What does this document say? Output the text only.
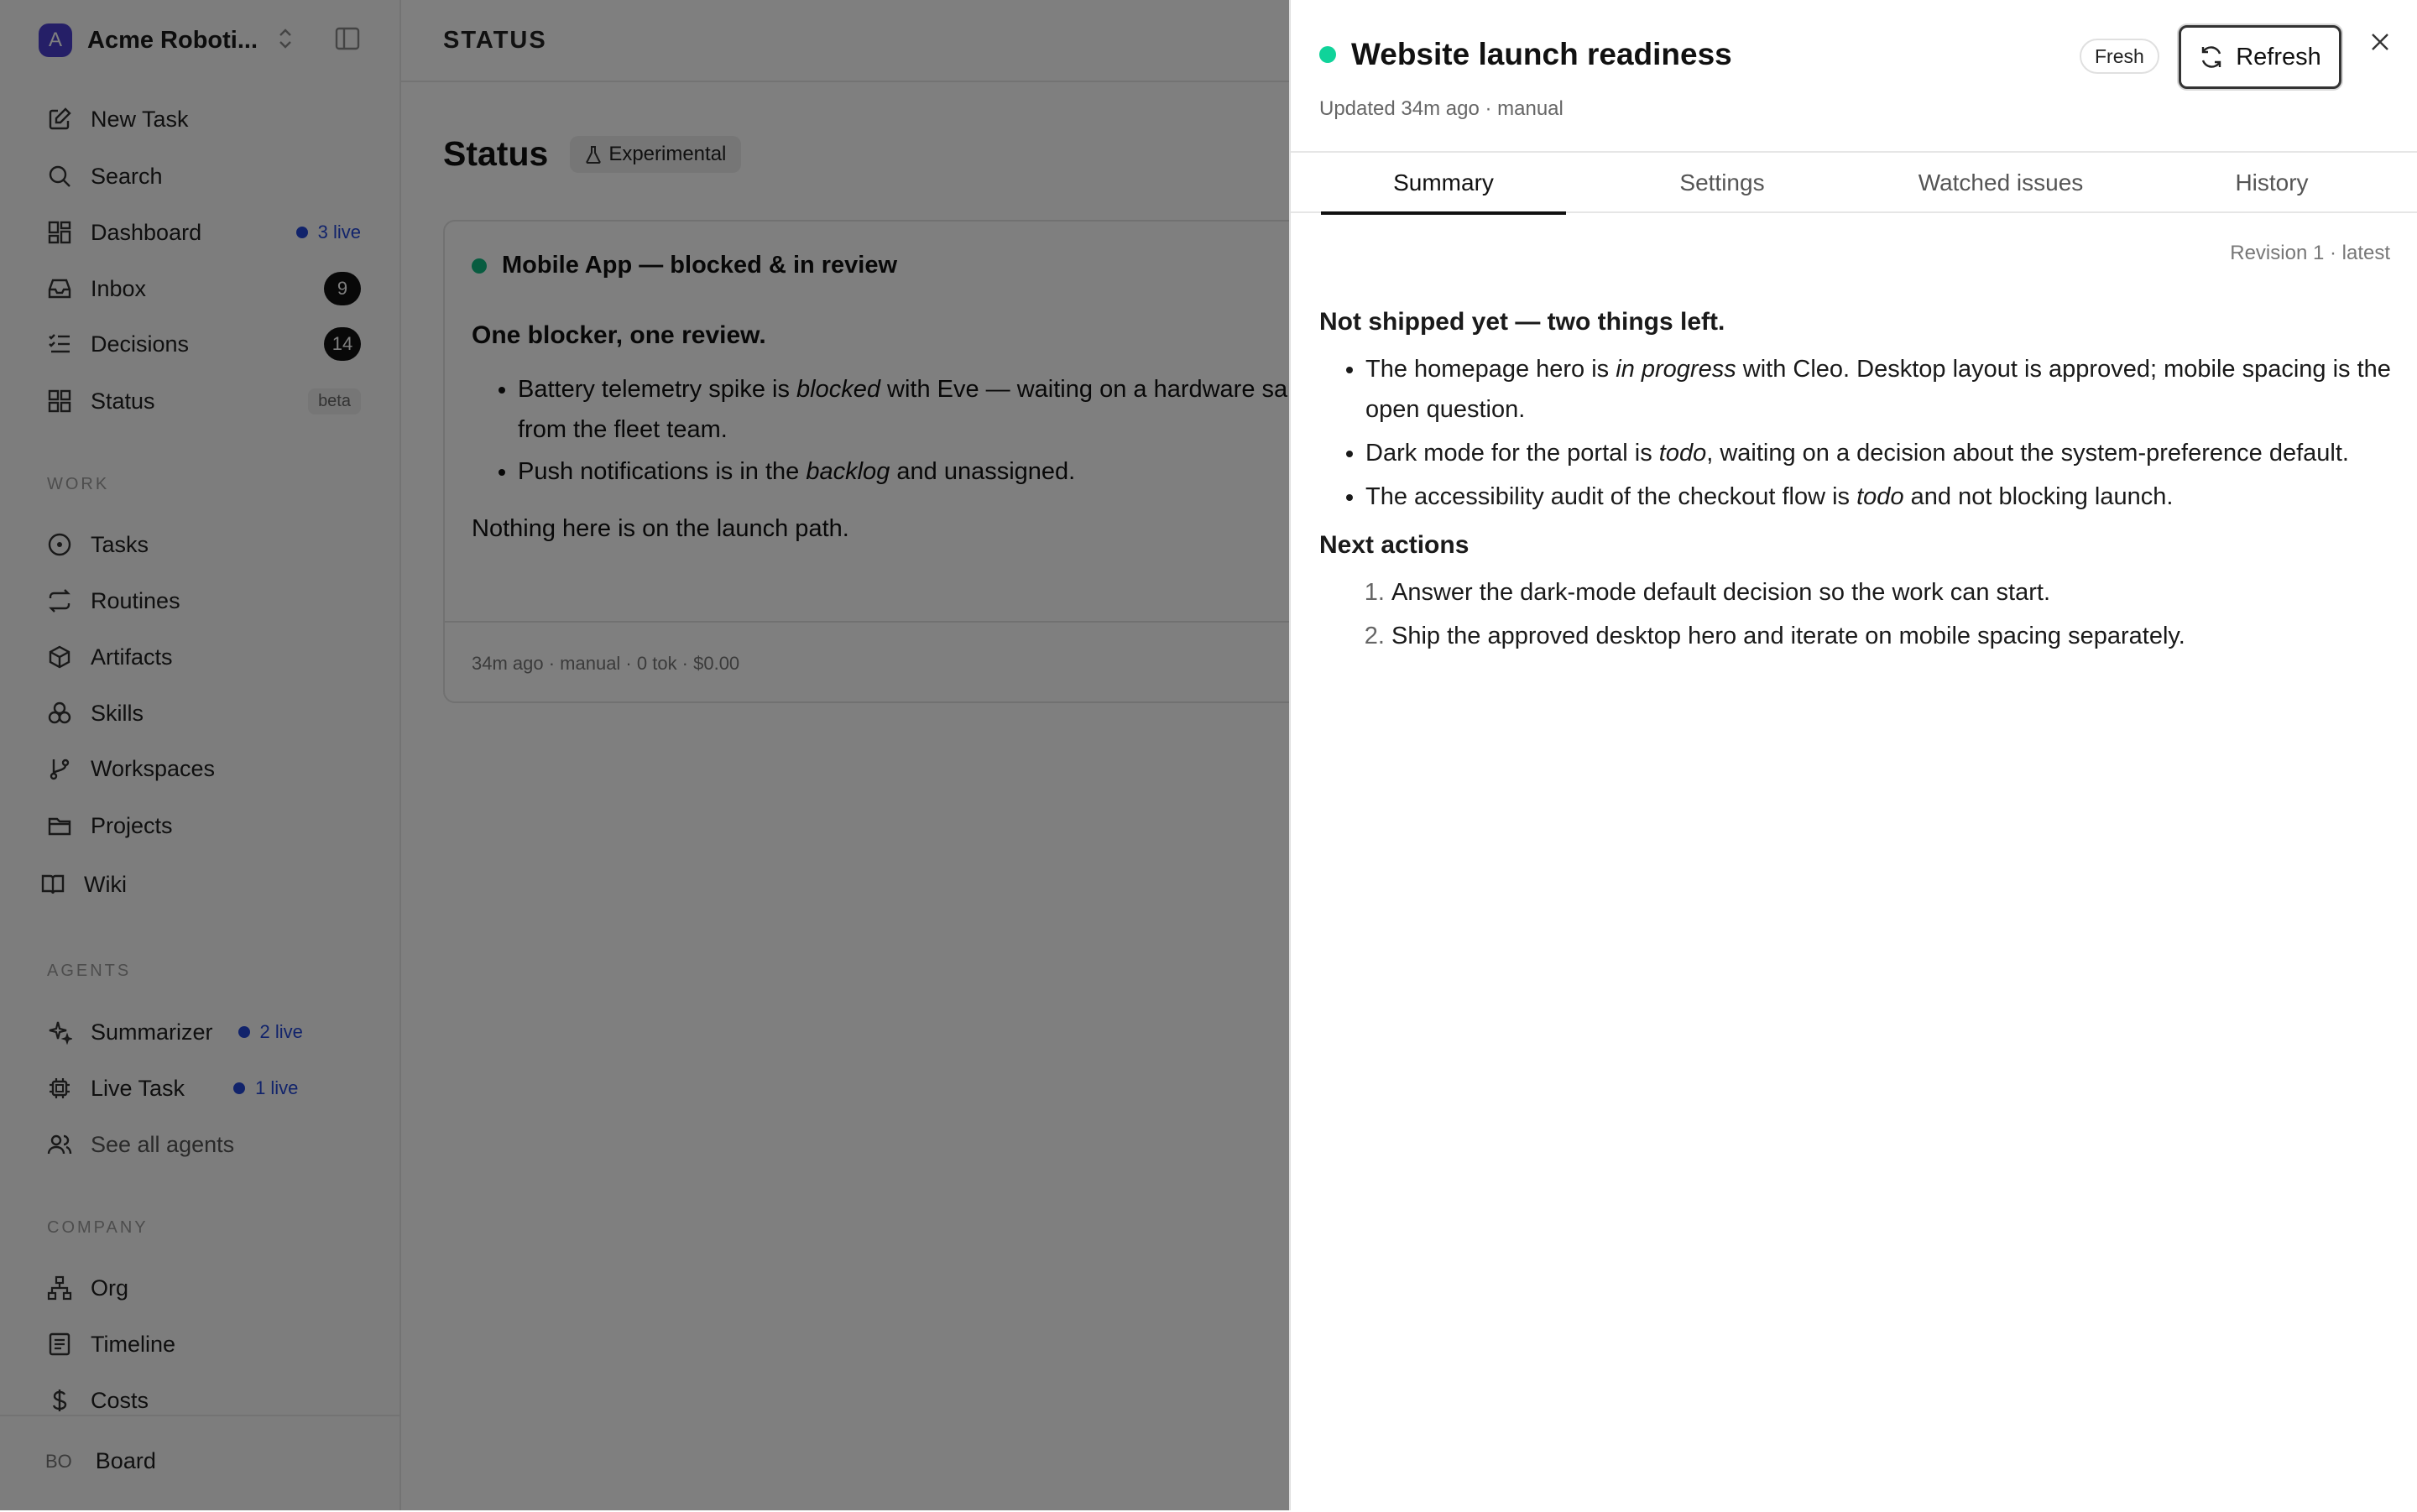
•
•
Website launch readiness
Updated 34m ago · manual
Fresh	Refresh
Summary	Settings	Watched issues	History
Revision 1 · latest
Not shipped yet — two things left.
• The homepage hero is in progress with Cleo. Desktop layout is approved; mobile spacing is the open question.
• Dark mode for the portal is todo, waiting on a decision about the system-preference default.
• The accessibility audit of the checkout flow is todo and not blocking launch.
Next actions
1. Answer the dark-mode default decision so the work can start.
2. Ship the approved desktop hero and iterate on mobile spacing separately.
